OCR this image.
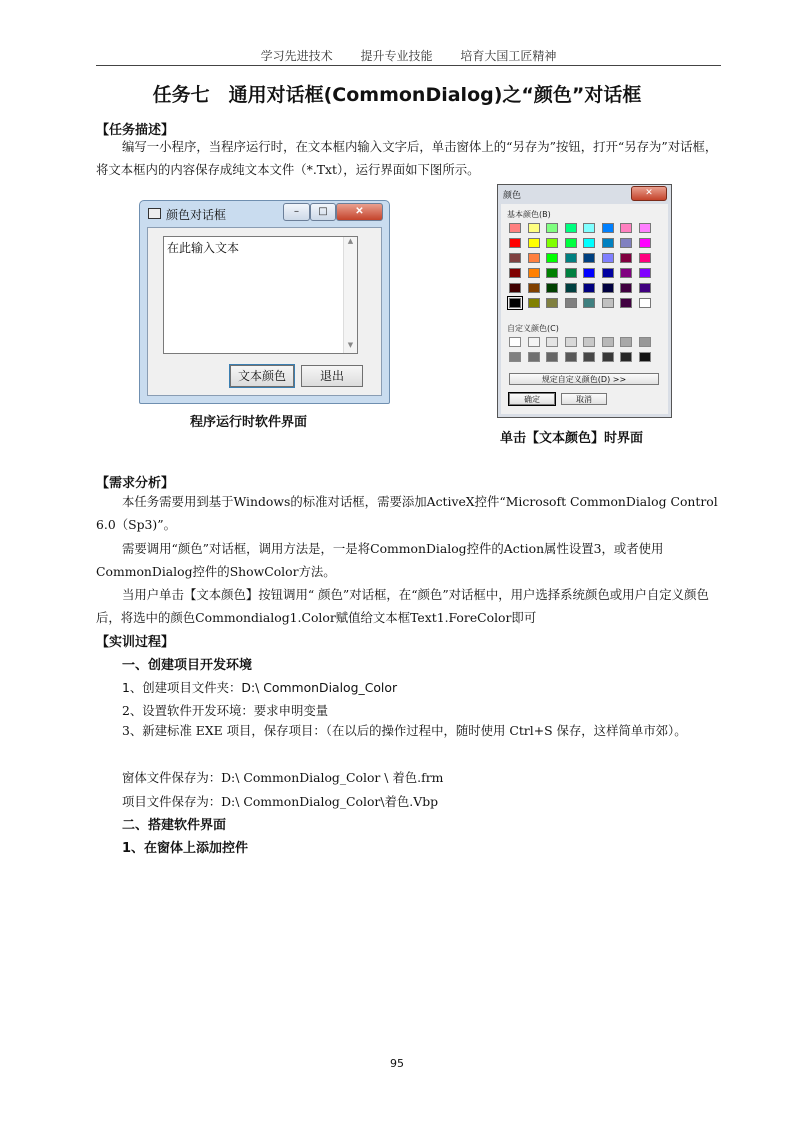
学习先进技术 提升专业技能 培育大国工匠精神
任务七　通用对话框(CommonDialog)之“颜色”对话框
【任务描述】
编写一小程序，当程序运行时，在文本框内输入文字后，单击窗体上的“另存为”按钮，打开“另存为”对话框，将文本框内的内容保存成纯文本文件（*.Txt），运行界面如下图所示。
颜色对话框	–	□	✕
在此输入文本	▲
▼
文本颜色	退出
程序运行时软件界面
颜色	✕
基本颜色(B)
自定义颜色(C)
规定自定义颜色(D) >>
确定	取消
单击【文本颜色】时界面
【需求分析】
本任务需要用到基于Windows的标准对话框，需要添加ActiveX控件“Microsoft CommonDialog Control 6.0（Sp3)”。
需要调用“颜色”对话框，调用方法是，一是将CommonDialog控件的Action属性设置3，或者使用CommonDialog控件的ShowColor方法。
当用户单击【文本颜色】按钮调用“ 颜色”对话框，在“颜色”对话框中，用户选择系统颜色或用户自定义颜色后，将选中的颜色Commondialog1.Color赋值给文本框Text1.ForeColor即可
【实训过程】
一、创建项目开发环境
1、创建项目文件夹：D:\ CommonDialog_Color
2、设置软件开发环境：要求申明变量
3、新建标准 EXE 项目，保存项目：（在以后的操作过程中，随时使用 Ctrl+S 保存，这样简单市郊）。
窗体文件保存为：D:\ CommonDialog_Color \ 着色.frm
项目文件保存为：D:\ CommonDialog_Color\着色.Vbp
二、搭建软件界面
1、在窗体上添加控件
95
